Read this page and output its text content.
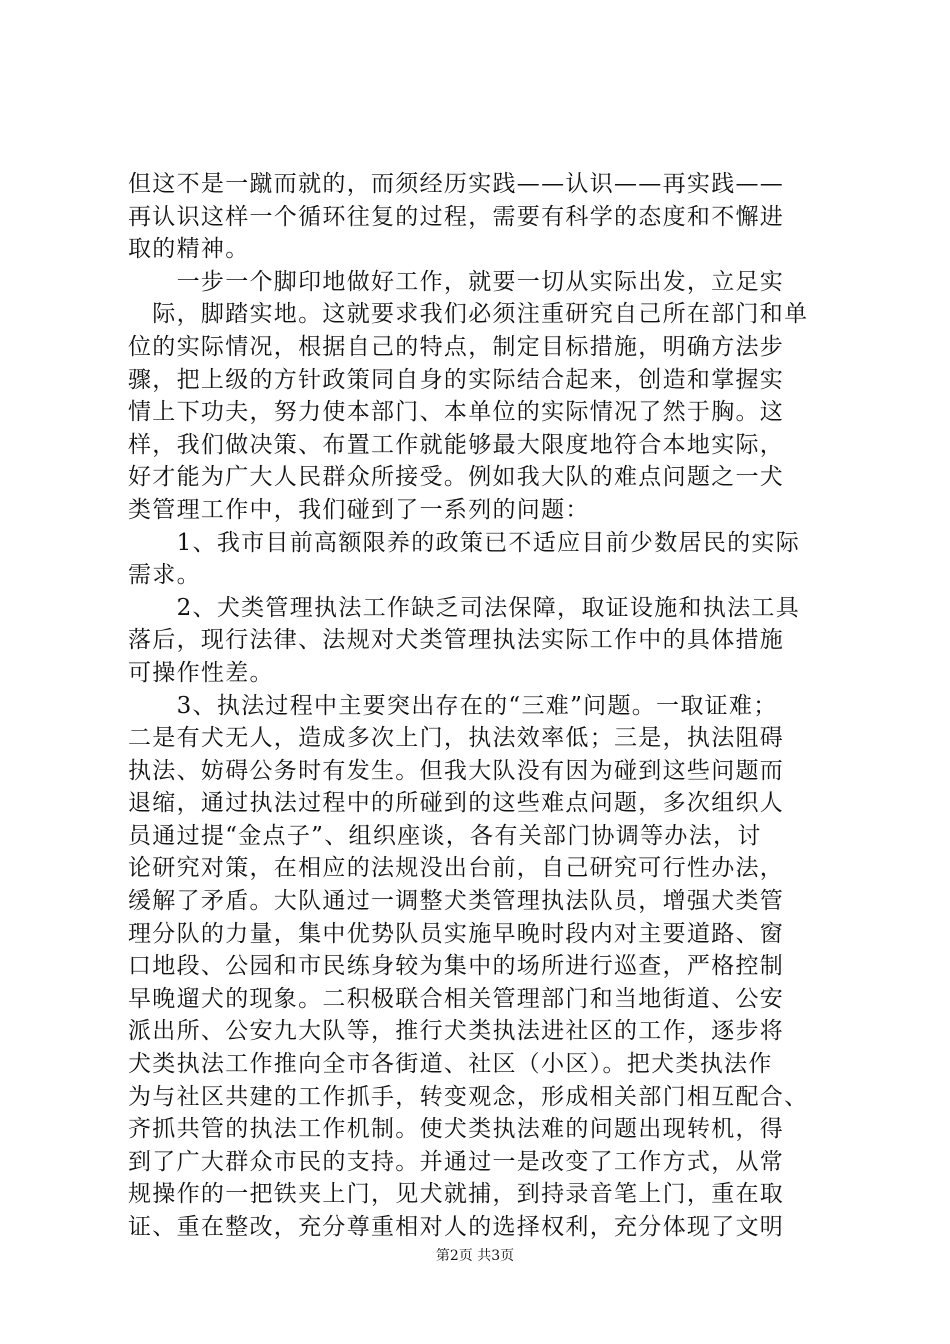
但这不是一蹴而就的，而须经历实践——认识——再实践——
再认识这样一个循环往复的过程，需要有科学的态度和不懈进
取的精神。
　　一步一个脚印地做好工作，就要一切从实际出发，立足实
　际，脚踏实地。这就要求我们必须注重研究自己所在部门和单
位的实际情况，根据自己的特点，制定目标措施，明确方法步
骤，把上级的方针政策同自身的实际结合起来，创造和掌握实
情上下功夫，努力使本部门、本单位的实际情况了然于胸。这
样，我们做决策、布置工作就能够最大限度地符合本地实际，
好才能为广大人民群众所接受。例如我大队的难点问题之一犬
类管理工作中，我们碰到了一系列的问题：
　　1、我市目前高额限养的政策已不适应目前少数居民的实际
需求。
　　2、犬类管理执法工作缺乏司法保障，取证设施和执法工具
落后，现行法律、法规对犬类管理执法实际工作中的具体措施
可操作性差。
　　3、执法过程中主要突出存在的“三难”问题。一取证难；
二是有犬无人，造成多次上门，执法效率低；三是，执法阻碍
执法、妨碍公务时有发生。但我大队没有因为碰到这些问题而
退缩，通过执法过程中的所碰到的这些难点问题，多次组织人
员通过提“金点子”、组织座谈，各有关部门协调等办法，讨
论研究对策，在相应的法规没出台前，自己研究可行性办法，
缓解了矛盾。大队通过一调整犬类管理执法队员，增强犬类管
理分队的力量，集中优势队员实施早晚时段内对主要道路、窗
口地段、公园和市民练身较为集中的场所进行巡查，严格控制
早晚遛犬的现象。二积极联合相关管理部门和当地街道、公安
派出所、公安九大队等，推行犬类执法进社区的工作，逐步将
犬类执法工作推向全市各街道、社区（小区）。把犬类执法作
为与社区共建的工作抓手，转变观念，形成相关部门相互配合、
齐抓共管的执法工作机制。使犬类执法难的问题出现转机，得
到了广大群众市民的支持。并通过一是改变了工作方式，从常
规操作的一把铁夹上门，见犬就捕，到持录音笔上门，重在取
证、重在整改，充分尊重相对人的选择权利，充分体现了文明
第2页 共3页
